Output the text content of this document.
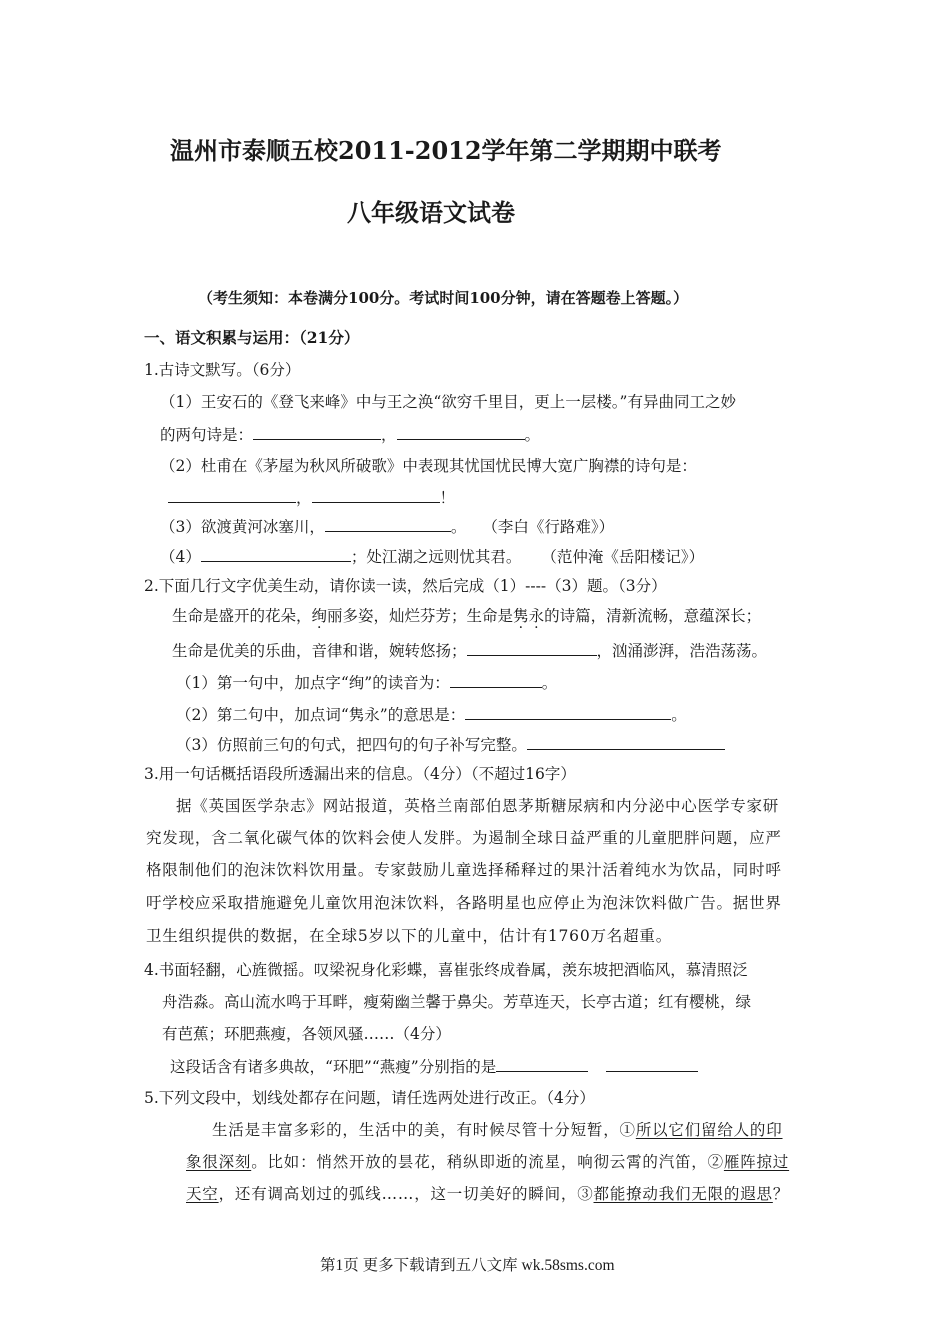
温州市泰顺五校2011-2012学年第二学期期中联考
八年级语文试卷
（考生须知：本卷满分100分。考试时间100分钟，请在答题卷上答题。）
一、语文积累与运用：（21分）
1.古诗文默写。（6分）
（1）王安石的《登飞来峰》中与王之涣“欲穷千里目，更上一层楼。”有异曲同工之妙
的两句诗是：	，	。
（2）杜甫在《茅屋为秋风所破歌》中表现其忧国忧民博大宽广胸襟的诗句是：
，	！
（3）欲渡黄河冰塞川，	。 （李白《行路难》）
（4）	；处江湖之远则忧其君。 （范仲淹《岳阳楼记》）
2.下面几行文字优美生动，请你读一读，然后完成（1）----（3）题。（3分）
生命是盛开的花朵，绚丽多姿，灿烂芬芳；生命是隽永的诗篇，清新流畅，意蕴深长；
生命是优美的乐曲，音律和谐，婉转悠扬；	，汹涌澎湃，浩浩荡荡。
（1）第一句中，加点字“绚”的读音为：	。
（2）第二句中，加点词“隽永”的意思是：	。
（3）仿照前三句的句式，把四句的句子补写完整。
3.用一句话概括语段所透漏出来的信息。（4分）（不超过16字）
据《英国医学杂志》网站报道，英格兰南部伯恩茅斯糖尿病和内分泌中心医学专家研
究发现，含二氧化碳气体的饮料会使人发胖。为遏制全球日益严重的儿童肥胖问题，应严
格限制他们的泡沫饮料饮用量。专家鼓励儿童选择稀释过的果汁活着纯水为饮品，同时呼
吁学校应采取措施避免儿童饮用泡沫饮料，各路明星也应停止为泡沫饮料做广告。据世界
卫生组织提供的数据，在全球5岁以下的儿童中，估计有1760万名超重。
4.书面轻翻，心旌微摇。叹梁祝身化彩蝶，喜崔张终成眷属，羡东坡把酒临风，慕清照泛
舟浩淼。高山流水鸣于耳畔，瘦菊幽兰馨于鼻尖。芳草连天，长亭古道；红有樱桃，绿
有芭蕉；环肥燕瘦，各领风骚……（4分）
这段话含有诸多典故，“环肥”“燕瘦”分别指的是
5.下列文段中，划线处都存在问题，请任选两处进行改正。（4分）
生活是丰富多彩的，生活中的美，有时候尽管十分短暂，①所以它们留给人的印
象很深刻。比如：悄然开放的昙花，稍纵即逝的流星，响彻云霄的汽笛，②雁阵掠过
天空，还有调高划过的弧线……，这一切美好的瞬间，③都能撩动我们无限的遐思？
第1页 更多下载请到五八文库 wk.58sms.com
